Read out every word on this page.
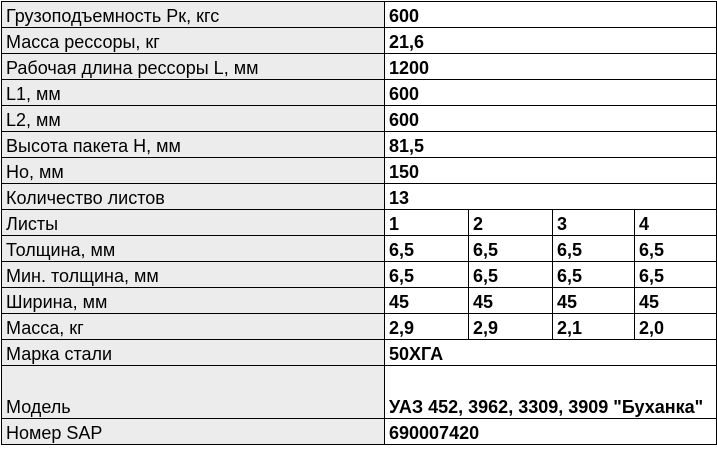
Грузоподъемность Pк, кгс	600			
Масса рессоры, кг	21,6			
Рабочая длина рессоры L, мм	1200			
L1, мм	600			
L2, мм	600			
Высота пакета H, мм	81,5			
Ho, мм	150			
Количество листов	13			
Листы	1	2	3	4
Толщина, мм	6,5	6,5	6,5	6,5
Мин. толщина, мм	6,5	6,5	6,5	6,5
Ширина, мм	45	45	45	45
Масса, кг	2,9	2,9	2,1	2,0
Марка стали	50ХГА			
Модель	УАЗ 452, 3962, 3309, 3909 "Буханка"			
Номер SAP	690007420			
